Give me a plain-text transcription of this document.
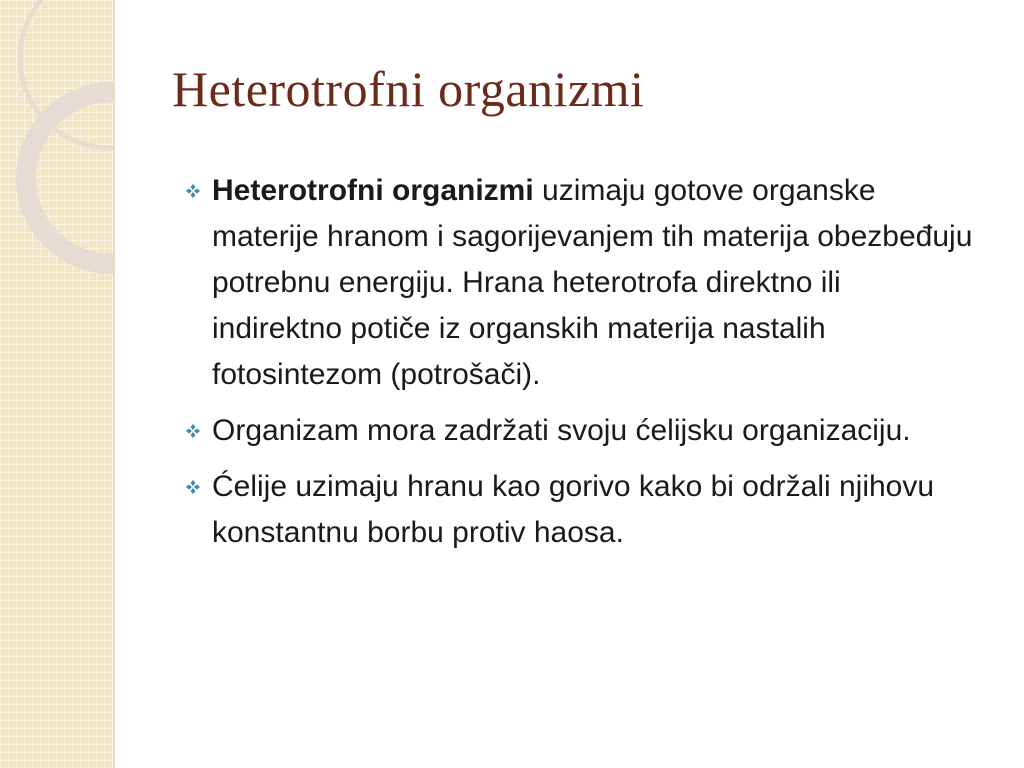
Heterotrofni organizmi
Heterotrofni organizmi uzimaju gotove organske materije hranom i sagorijevanjem tih materija obezbeđuju potrebnu energiju. Hrana heterotrofa direktno ili indirektno potiče iz organskih materija nastalih fotosintezom (potrošači).
Organizam mora zadržati svoju ćelijsku organizaciju.
Ćelije uzimaju hranu kao gorivo kako bi održali njihovu konstantnu borbu protiv haosa.
